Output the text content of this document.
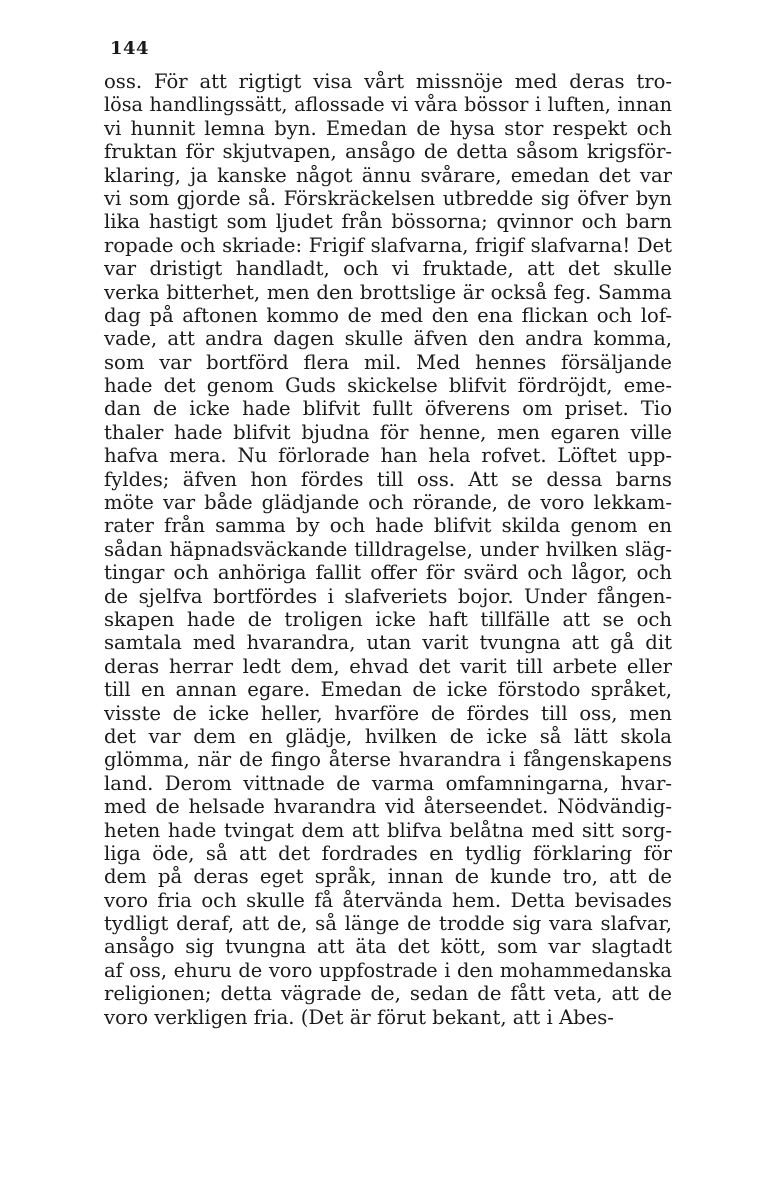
144
oss. För att rigtigt visa vårt missnöje med deras tro-
lösa handlingssätt, aflossade vi våra bössor i luften, innan
vi hunnit lemna byn. Emedan de hysa stor respekt och
fruktan för skjutvapen, ansågo de detta såsom krigsför-
klaring, ja kanske något ännu svårare, emedan det var
vi som gjorde så. Förskräckelsen utbredde sig öfver byn
lika hastigt som ljudet från bössorna; qvinnor och barn
ropade och skriade: Frigif slafvarna, frigif slafvarna! Det
var dristigt handladt, och vi fruktade, att det skulle
verka bitterhet, men den brottslige är också feg. Samma
dag på aftonen kommo de med den ena flickan och lof-
vade, att andra dagen skulle äfven den andra komma,
som var bortförd flera mil. Med hennes försäljande
hade det genom Guds skickelse blifvit fördröjdt, eme-
dan de icke hade blifvit fullt öfverens om priset. Tio
thaler hade blifvit bjudna för henne, men egaren ville
hafva mera. Nu förlorade han hela rofvet. Löftet upp-
fyldes; äfven hon fördes till oss. Att se dessa barns
möte var både glädjande och rörande, de voro lekkam-
rater från samma by och hade blifvit skilda genom en
sådan häpnadsväckande tilldragelse, under hvilken släg-
tingar och anhöriga fallit offer för svärd och lågor, och
de sjelfva bortfördes i slafveriets bojor. Under fången-
skapen hade de troligen icke haft tillfälle att se och
samtala med hvarandra, utan varit tvungna att gå dit
deras herrar ledt dem, ehvad det varit till arbete eller
till en annan egare. Emedan de icke förstodo språket,
visste de icke heller, hvarföre de fördes till oss, men
det var dem en glädje, hvilken de icke så lätt skola
glömma, när de fingo återse hvarandra i fångenskapens
land. Derom vittnade de varma omfamningarna, hvar-
med de helsade hvarandra vid återseendet. Nödvändig-
heten hade tvingat dem att blifva belåtna med sitt sorg-
liga öde, så att det fordrades en tydlig förklaring för
dem på deras eget språk, innan de kunde tro, att de
voro fria och skulle få återvända hem. Detta bevisades
tydligt deraf, att de, så länge de trodde sig vara slafvar,
ansågo sig tvungna att äta det kött, som var slagtadt
af oss, ehuru de voro uppfostrade i den mohammedanska
religionen; detta vägrade de, sedan de fått veta, att de
voro verkligen fria. (Det är förut bekant, att i Abes-
